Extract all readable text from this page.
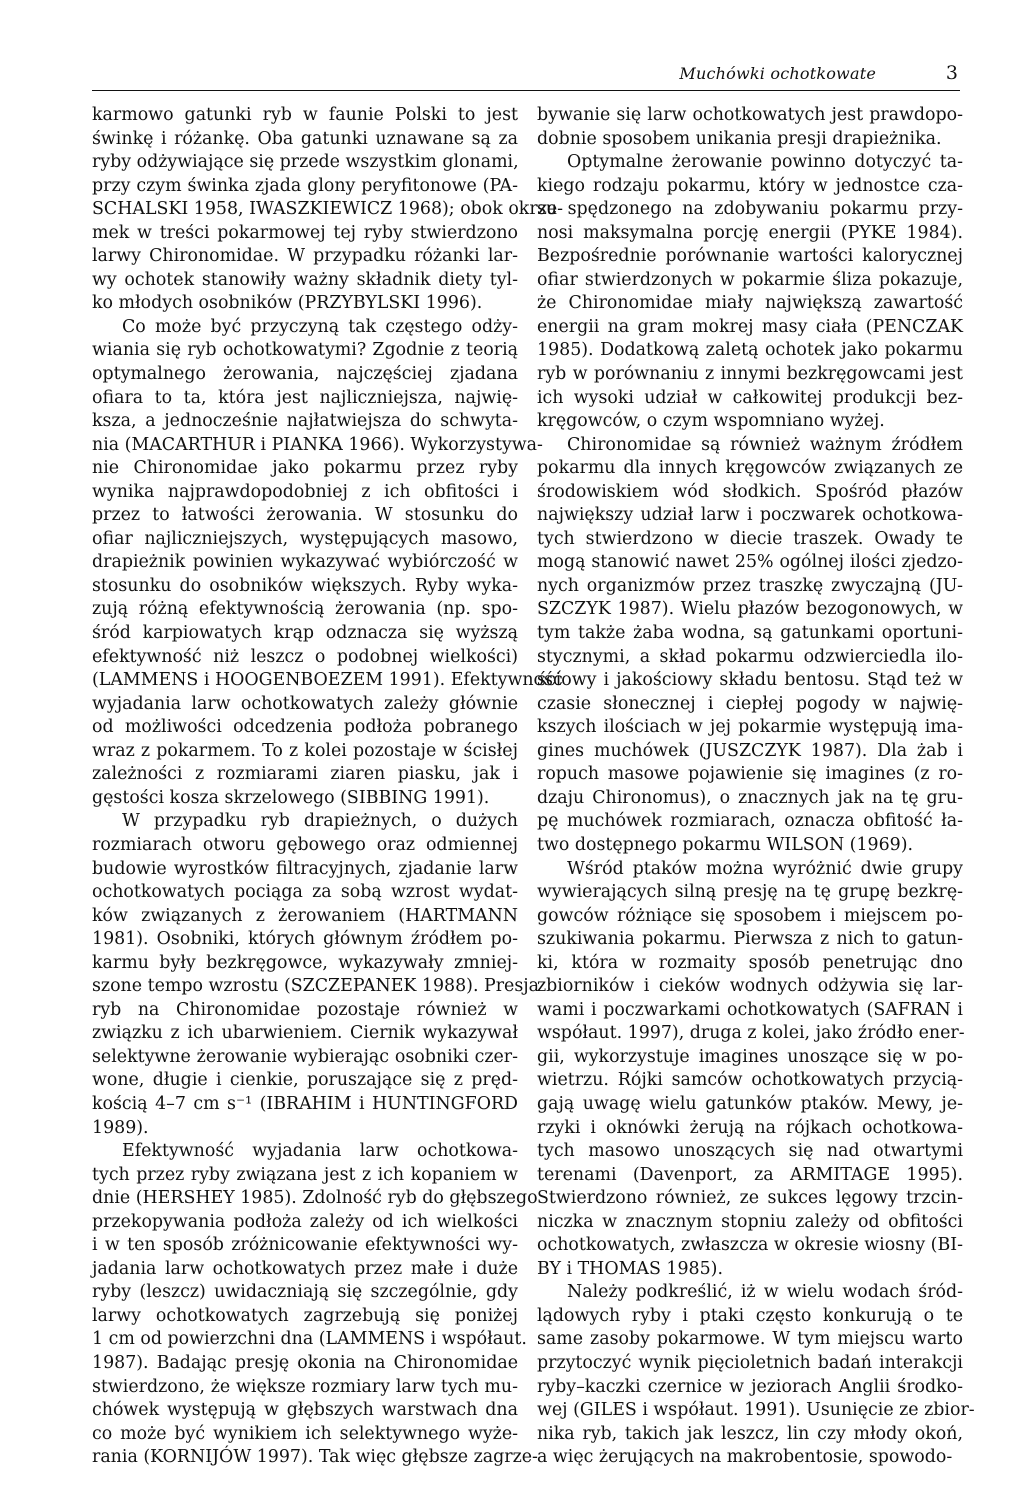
Muchówki ochotkowate	3

karmowo gatunki ryb w faunie Polski to jest
świnkę i różankę. Oba gatunki uznawane są za
ryby odżywiające się przede wszystkim glonami,
przy czym świnka zjada glony peryfitonowe (PA-
SCHALSKI 1958, IWASZKIEWICZ 1968); obok okrze-
mek w treści pokarmowej tej ryby stwierdzono
larwy Chironomidae. W przypadku różanki lar-
wy ochotek stanowiły ważny składnik diety tyl-
ko młodych osobników (PRZYBYLSKI 1996).

Co może być przyczyną tak częstego odży-
wiania się ryb ochotkowatymi? Zgodnie z teorią
optymalnego żerowania, najczęściej zjadana
ofiara to ta, która jest najliczniejsza, najwię-
ksza, a jednocześnie najłatwiejsza do schwyta-
nia (MACARTHUR i PIANKA 1966). Wykorzystywa-
nie Chironomidae jako pokarmu przez ryby
wynika najprawdopodobniej z ich obfitości i
przez to łatwości żerowania. W stosunku do
ofiar najliczniejszych, występujących masowo,
drapieżnik powinien wykazywać wybiórczość w
stosunku do osobników większych. Ryby wyka-
zują różną efektywnością żerowania (np. spo-
śród karpiowatych krąp odznacza się wyższą
efektywność niż leszcz o podobnej wielkości)
(LAMMENS i HOOGENBOEZEM 1991). Efektywność
wyjadania larw ochotkowatych zależy głównie
od możliwości odcedzenia podłoża pobranego
wraz z pokarmem. To z kolei pozostaje w ścisłej
zależności z rozmiarami ziaren piasku, jak i
gęstości kosza skrzelowego (SIBBING 1991).

W przypadku ryb drapieżnych, o dużych
rozmiarach otworu gębowego oraz odmiennej
budowie wyrostków filtracyjnych, zjadanie larw
ochotkowatych pociąga za sobą wzrost wydat-
ków związanych z żerowaniem (HARTMANN
1981). Osobniki, których głównym źródłem po-
karmu były bezkręgowce, wykazywały zmniej-
szone tempo wzrostu (SZCZEPANEK 1988). Presja
ryb na Chironomidae pozostaje również w
związku z ich ubarwieniem. Ciernik wykazywał
selektywne żerowanie wybierając osobniki czer-
wone, długie i cienkie, poruszające się z pręd-
kością 4–7 cm s⁻¹ (IBRAHIM i HUNTINGFORD
1989).

Efektywność wyjadania larw ochotkowa-
tych przez ryby związana jest z ich kopaniem w
dnie (HERSHEY 1985). Zdolność ryb do głębszego
przekopywania podłoża zależy od ich wielkości
i w ten sposób zróżnicowanie efektywności wy-
jadania larw ochotkowatych przez małe i duże
ryby (leszcz) uwidaczniają się szczególnie, gdy
larwy ochotkowatych zagrzebują się poniżej
1 cm od powierzchni dna (LAMMENS i współaut.
1987). Badając presję okonia na Chironomidae
stwierdzono, że większe rozmiary larw tych mu-
chówek występują w głębszych warstwach dna
co może być wynikiem ich selektywnego wyże-
rania (KORNIJÓW 1997). Tak więc głębsze zagrze-

bywanie się larw ochotkowatych jest prawdopo-
dobnie sposobem unikania presji drapieżnika.

Optymalne żerowanie powinno dotyczyć ta-
kiego rodzaju pokarmu, który w jednostce cza-
su spędzonego na zdobywaniu pokarmu przy-
nosi maksymalna porcję energii (PYKE 1984).
Bezpośrednie porównanie wartości kalorycznej
ofiar stwierdzonych w pokarmie śliza pokazuje,
że Chironomidae miały największą zawartość
energii na gram mokrej masy ciała (PENCZAK
1985). Dodatkową zaletą ochotek jako pokarmu
ryb w porównaniu z innymi bezkręgowcami jest
ich wysoki udział w całkowitej produkcji bez-
kręgowców, o czym wspomniano wyżej.

Chironomidae są również ważnym źródłem
pokarmu dla innych kręgowców związanych ze
środowiskiem wód słodkich. Spośród płazów
największy udział larw i poczwarek ochotkowa-
tych stwierdzono w diecie traszek. Owady te
mogą stanowić nawet 25% ogólnej ilości zjedzo-
nych organizmów przez traszkę zwyczajną (JU-
SZCZYK 1987). Wielu płazów bezogonowych, w
tym także żaba wodna, są gatunkami oportuni-
stycznymi, a skład pokarmu odzwierciedla ilo-
ściowy i jakościowy składu bentosu. Stąd też w
czasie słonecznej i ciepłej pogody w najwię-
kszych ilościach w jej pokarmie występują ima-
gines muchówek (JUSZCZYK 1987). Dla żab i
ropuch masowe pojawienie się imagines (z ro-
dzaju Chironomus), o znacznych jak na tę gru-
pę muchówek rozmiarach, oznacza obfitość ła-
two dostępnego pokarmu WILSON (1969).

Wśród ptaków można wyróżnić dwie grupy
wywierających silną presję na tę grupę bezkrę-
gowców różniące się sposobem i miejscem po-
szukiwania pokarmu. Pierwsza z nich to gatun-
ki, która w rozmaity sposób penetrując dno
zbiorników i cieków wodnych odżywia się lar-
wami i poczwarkami ochotkowatych (SAFRAN i
współaut. 1997), druga z kolei, jako źródło ener-
gii, wykorzystuje imagines unoszące się w po-
wietrzu. Rójki samców ochotkowatych przycią-
gają uwagę wielu gatunków ptaków. Mewy, je-
rzyki i oknówki żerują na rójkach ochotkowa-
tych masowo unoszących się nad otwartymi
terenami (Davenport, za ARMITAGE 1995).
Stwierdzono również, ze sukces lęgowy trzcin-
niczka w znacznym stopniu zależy od obfitości
ochotkowatych, zwłaszcza w okresie wiosny (BI-
BY i THOMAS 1985).

Należy podkreślić, iż w wielu wodach śród-
lądowych ryby i ptaki często konkurują o te
same zasoby pokarmowe. W tym miejscu warto
przytoczyć wynik pięcioletnich badań interakcji
ryby–kaczki czernice w jeziorach Anglii środko-
wej (GILES i współaut. 1991). Usunięcie ze zbior-
nika ryb, takich jak leszcz, lin czy młody okoń,
a więc żerujących na makrobentosie, spowodo-
